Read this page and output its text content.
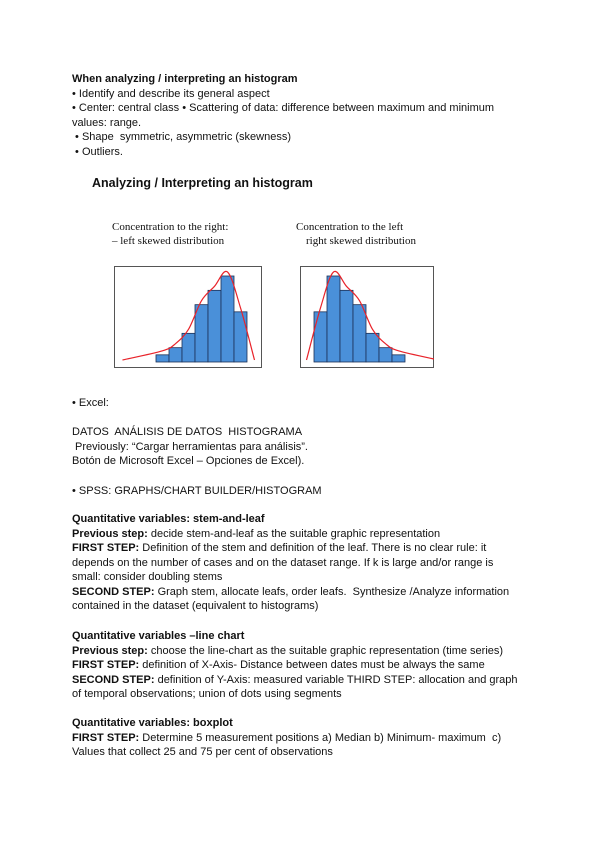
When analyzing / interpreting an histogram
• Identify and describe its general aspect
• Center: central class • Scattering of data: difference between maximum and minimum
values: range.
• Shape  symmetric, asymmetric (skewness)
• Outliers.
Analyzing / Interpreting an histogram
Concentration to the right:
– left skewed distribution
Concentration to the left
right skewed distribution
• Excel:
DATOS  ANÁLISIS DE DATOS  HISTOGRAMA
Previously: “Cargar herramientas para análisis”.
Botón de Microsoft Excel – Opciones de Excel).
• SPSS: GRAPHS/CHART BUILDER/HISTOGRAM
Quantitative variables: stem-and-leaf
Previous step: decide stem-and-leaf as the suitable graphic representation
FIRST STEP: Definition of the stem and definition of the leaf. There is no clear rule: it
depends on the number of cases and on the dataset range. If k is large and/or range is
small: consider doubling stems
SECOND STEP: Graph stem, allocate leafs, order leafs.  Synthesize /Analyze information
contained in the dataset (equivalent to histograms)
Quantitative variables –line chart
Previous step: choose the line-chart as the suitable graphic representation (time series)
FIRST STEP: definition of X-Axis- Distance between dates must be always the same
SECOND STEP: definition of Y-Axis: measured variable THIRD STEP: allocation and graph
of temporal observations; union of dots using segments
Quantitative variables: boxplot
FIRST STEP: Determine 5 measurement positions a) Median b) Minimum- maximum  c)
Values that collect 25 and 75 per cent of observations
